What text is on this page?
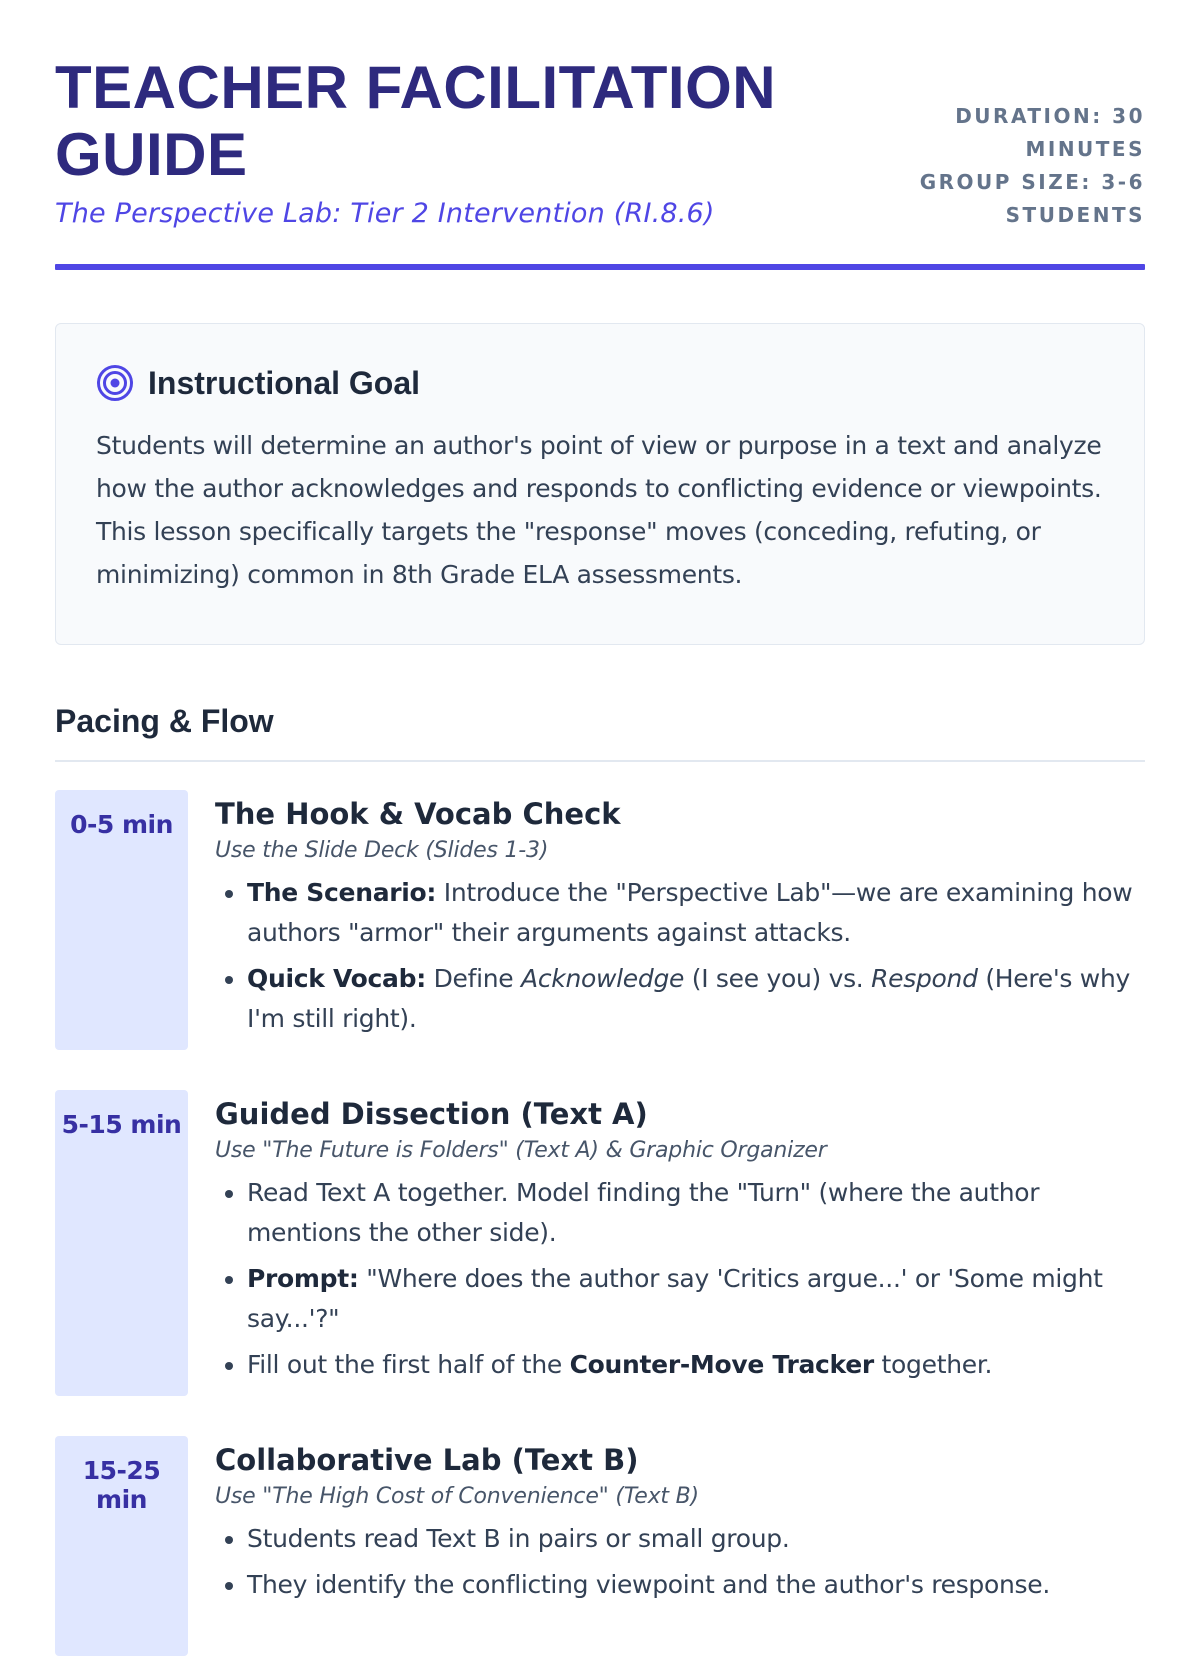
TEACHER FACILITATION GUIDE
The Perspective Lab: Tier 2 Intervention (RI.8.6)
DURATION: 30 MINUTES
GROUP SIZE: 3-6 STUDENTS
Instructional Goal
Students will determine an author's point of view or purpose in a text and analyze how the author acknowledges and responds to conflicting evidence or viewpoints. This lesson specifically targets the "response" moves (conceding, refuting, or minimizing) common in 8th Grade ELA assessments.
Pacing & Flow
0-5 min	The Hook & Vocab Check
Use the Slide Deck (Slides 1-3)
• The Scenario: Introduce the "Perspective Lab"—we are examining how authors "armor" their arguments against attacks.
• Quick Vocab: Define Acknowledge (I see you) vs. Respond (Here's why I'm still right).
5-15 min Guided Dissection (Text A)
Use "The Future is Folders" (Text A) & Graphic Organizer
• Read Text A together. Model finding the "Turn" (where the author mentions the other side).
• Prompt: "Where does the author say 'Critics argue...' or 'Some might say...'?"
• Fill out the first half of the Counter-Move Tracker together.
15-25 min
Collaborative Lab (Text B)
Use "The High Cost of Convenience" (Text B)
• Students read Text B in pairs or small group.
• They identify the conflicting viewpoint and the author's response.
